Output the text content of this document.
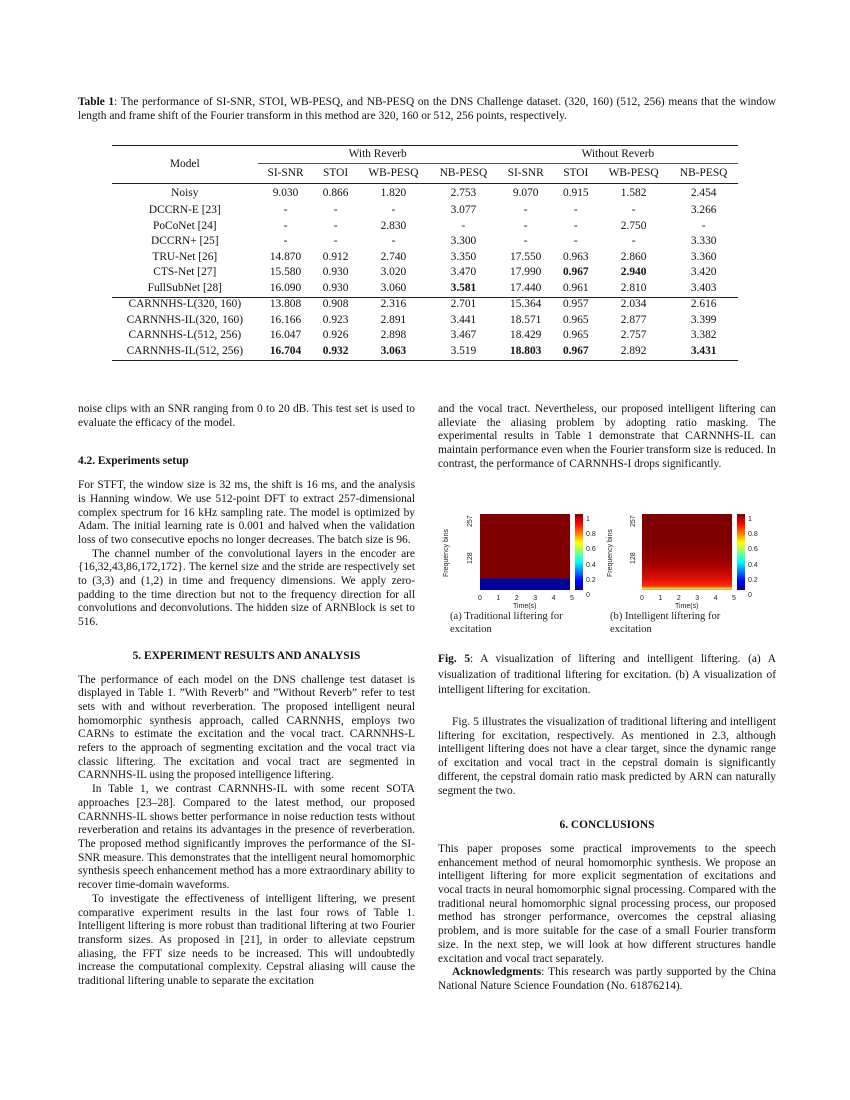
Table 1: The performance of SI-SNR, STOI, WB-PESQ, and NB-PESQ on the DNS Challenge dataset. (320, 160) (512, 256) means that the window length and frame shift of the Fourier transform in this method are 320, 160 or 512, 256 points, respectively.
Model	With Reverb				Without Reverb			
	SI-SNR	STOI	WB-PESQ	NB-PESQ	SI-SNR	STOI	WB-PESQ	NB-PESQ
Noisy	9.030	0.866	1.820	2.753	9.070	0.915	1.582	2.454
DCCRN-E [23]	-	-	-	3.077	-	-	-	3.266
PoCoNet [24]	-	-	2.830	-	-	-	2.750	-
DCCRN+ [25]	-	-	-	3.300	-	-	-	3.330
TRU-Net [26]	14.870	0.912	2.740	3.350	17.550	0.963	2.860	3.360
CTS-Net [27]	15.580	0.930	3.020	3.470	17.990	0.967	2.940	3.420
FullSubNet [28]	16.090	0.930	3.060	3.581	17.440	0.961	2.810	3.403
CARNNHS-L(320, 160)	13.808	0.908	2.316	2.701	15.364	0.957	2.034	2.616
CARNNHS-IL(320, 160)	16.166	0.923	2.891	3.441	18.571	0.965	2.877	3.399
CARNNHS-L(512, 256)	16.047	0.926	2.898	3.467	18.429	0.965	2.757	3.382
CARNNHS-IL(512, 256)	16.704	0.932	3.063	3.519	18.803	0.967	2.892	3.431

noise clips with an SNR ranging from 0 to 20 dB. This test set is used to evaluate the efficacy of the model.

4.2. Experiments setup

For STFT, the window size is 32 ms, the shift is 16 ms, and the analysis is Hanning window. We use 512-point DFT to extract 257-dimensional complex spectrum for 16 kHz sampling rate. The model is optimized by Adam. The initial learning rate is 0.001 and halved when the validation loss of two consecutive epochs no longer decreases. The batch size is 96.

The channel number of the convolutional layers in the encoder are {16,32,43,86,172,172}. The kernel size and the stride are respectively set to (3,3) and (1,2) in time and frequency dimensions. We apply zero-padding to the time direction but not to the frequency direction for all convolutions and deconvolutions. The hidden size of ARNBlock is set to 516.

5. EXPERIMENT RESULTS AND ANALYSIS

The performance of each model on the DNS challenge test dataset is displayed in Table 1. ”With Reverb” and ”Without Reverb” refer to test sets with and without reverberation. The proposed intelligent neural homomorphic synthesis approach, called CARNNHS, employs two CARNs to estimate the excitation and the vocal tract. CARNNHS-L refers to the approach of segmenting excitation and the vocal tract via classic liftering. The excitation and vocal tract are segmented in CARNNHS-IL using the proposed intelligence liftering.

In Table 1, we contrast CARNNHS-IL with some recent SOTA approaches [23–28]. Compared to the latest method, our proposed CARNNHS-IL shows better performance in noise reduction tests without reverberation and retains its advantages in the presence of reverberation. The proposed method significantly improves the performance of the SI-SNR measure. This demonstrates that the intelligent neural homomorphic synthesis speech enhancement method has a more extraordinary ability to recover time-domain waveforms.

To investigate the effectiveness of intelligent liftering, we present comparative experiment results in the last four rows of Table 1. Intelligent liftering is more robust than traditional liftering at two Fourier transform sizes. As proposed in [21], in order to alleviate cepstrum aliasing, the FFT size needs to be increased. This will undoubtedly increase the computational complexity. Cepstral aliasing will cause the traditional liftering unable to separate the excitation

and the vocal tract. Nevertheless, our proposed intelligent liftering can alleviate the aliasing problem by adopting ratio masking. The experimental results in Table 1 demonstrate that CARNNHS-IL can maintain performance even when the Fourier transform size is reduced. In contrast, the performance of CARNNHS-I drops significantly.

Frequency bins
257
128
0 1 2 3 4 5
Time(s)
1
0.8
0.6
0.4
0.2
0
Frequency bins
257
128
0 1 2 3 4 5
Time(s)
1
0.8
0.6
0.4
0.2
0
(a) Traditional liftering for excitation
(b) Intelligent liftering for excitation
Fig. 5: A visualization of liftering and intelligent liftering. (a) A visualization of traditional liftering for excitation. (b) A visualization of intelligent liftering for excitation.

Fig. 5 illustrates the visualization of traditional liftering and intelligent liftering for excitation, respectively. As mentioned in 2.3, although intelligent liftering does not have a clear target, since the dynamic range of excitation and vocal tract in the cepstral domain is significantly different, the cepstral domain ratio mask predicted by ARN can naturally segment the two.

6. CONCLUSIONS

This paper proposes some practical improvements to the speech enhancement method of neural homomorphic synthesis. We propose an intelligent liftering for more explicit segmentation of excitations and vocal tracts in neural homomorphic signal processing. Compared with the traditional neural homomorphic signal processing process, our proposed method has stronger performance, overcomes the cepstral aliasing problem, and is more suitable for the case of a small Fourier transform size. In the next step, we will look at how different structures handle excitation and vocal tract separately.

Acknowledgments: This research was partly supported by the China National Nature Science Foundation (No. 61876214).
